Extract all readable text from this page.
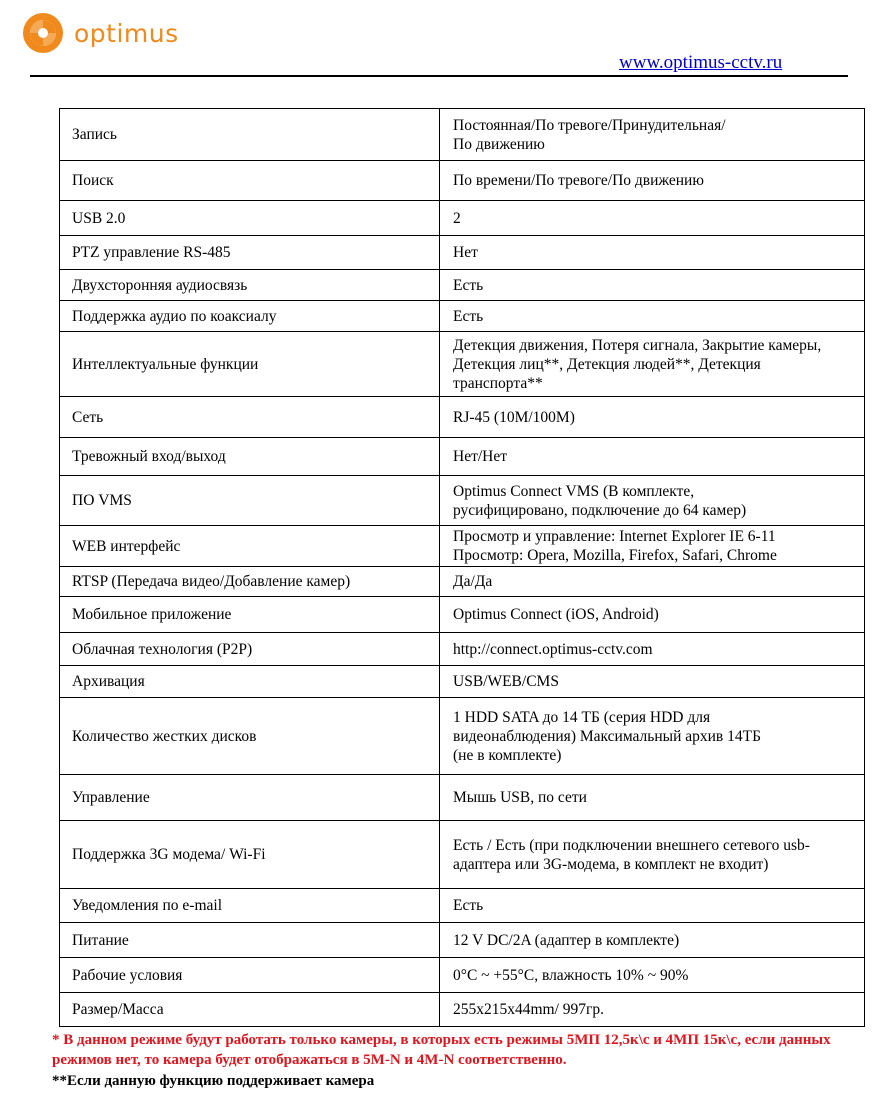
optimus
www.optimus-cctv.ru
Запись	Постоянная/По тревоге/Принудительная/
По движению

Поиск	По времени/По тревоге/По движению

USB 2.0	2

PTZ управление RS-485	Нет

Двухсторонняя аудиосвязь	Есть

Поддержка аудио по коаксиалу	Есть

Интеллектуальные функции	Детекция движения, Потеря сигнала, Закрытие камеры,
Детекция лиц**, Детекция людей**, Детекция
транспорта**

Сеть	RJ-45 (10M/100M)

Тревожный вход/выход	Нет/Нет

ПО VMS	Optimus Connect VMS (В комплекте,
русифицировано, подключение до 64 камер)

WEB интерфейс	Просмотр и управление: Internet Explorer IE 6-11
Просмотр: Opera, Mozilla, Firefox, Safari, Chrome

RTSP (Передача видео/Добавление камер)	Да/Да

Мобильное приложение	Optimus Connect (iOS, Android)

Облачная технология (P2P)	http://connect.optimus-cctv.com

Архивация	USB/WEB/CMS

Количество жестких дисков	1 HDD SATA до 14 ТБ (серия HDD для
видеонаблюдения) Максимальный архив 14ТБ
(не в комплекте)

Управление	Мышь USB, по сети

Поддержка 3G модема/ Wi-Fi	Есть / Есть (при подключении внешнего сетевого usb-
адаптера или 3G-модема, в комплект не входит)

Уведомления по e-mail	Есть

Питание	12 V DC/2A (адаптер в комплекте)

Рабочие условия	0°С ~ +55°С, влажность 10% ~ 90%

Размер/Масса	255x215x44mm/ 997гр.
* В данном режиме будут работать только камеры, в которых есть режимы 5МП 12,5к\с и 4МП 15к\с, если данных режимов нет, то камера будет отображаться в 5M-N и 4M-N соответственно.
**Если данную функцию поддерживает камера
